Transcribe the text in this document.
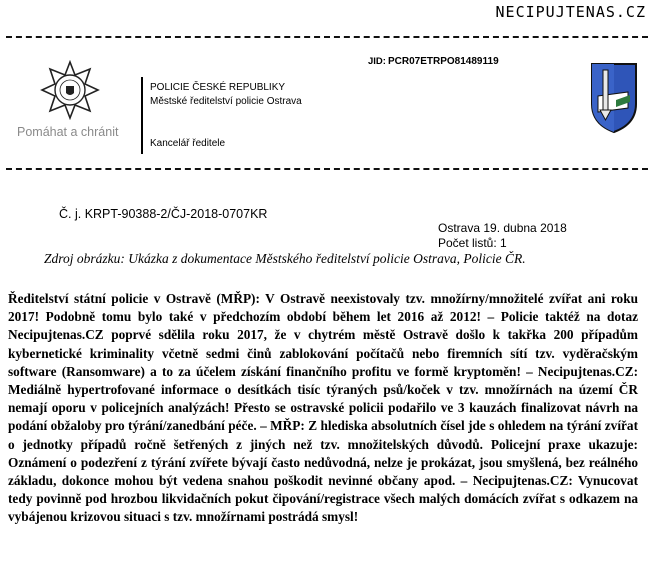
NECIPUJTENAS.CZ
Pomáhat a chránit
POLICIE ČESKÉ REPUBLIKY
Městské ředitelství policie Ostrava
Kancelář ředitele
JID: PCR07ETRPO81489119
Č. j. KRPT-90388-2/ČJ-2018-0707KR
Ostrava 19. dubna 2018
Počet listů: 1
Zdroj obrázku: Ukázka z dokumentace Městského ředitelství policie Ostrava, Policie ČR.

Ředitelství státní policie v Ostravě (MŘP): V Ostravě neexistovaly tzv. množírny/množitelé zvířat ani roku 2017! Podobně tomu bylo také v předchozím období během let 2016 až 2012! – Policie taktéž na dotaz Necipujtenas.CZ poprvé sdělila roku 2017, že v chytrém městě Ostravě došlo k takřka 200 případům kybernetické kriminality včetně sedmi činů zablokování počítačů nebo firemních sítí tzv. vyděračským software (Ransomware) a to za účelem získání finančního profitu ve formě kryptoměn! – Necipujtenas.CZ: Mediálně hypertrofované informace o desítkách tisíc týraných psů/koček v tzv. množírnách na území ČR nemají oporu v policejních analýzách! Přesto se ostravské policii podařilo ve 3 kauzách finalizovat návrh na podání obžaloby pro týrání/zanedbání péče. – MŘP: Z hlediska absolutních čísel jde s ohledem na týrání zvířat o jednotky případů ročně šetřených z jiných než tzv. množitelských důvodů. Policejní praxe ukazuje: Oznámení o podezření z týrání zvířete bývají často nedůvodná, nelze je prokázat, jsou smyšlená, bez reálného základu, dokonce mohou být vedena snahou poškodit nevinné občany apod. – Necipujtenas.CZ: Vynucovat tedy povinně pod hrozbou likvidačních pokut čipování/registrace všech malých domácích zvířat s odkazem na vybájenou krizovou situaci s tzv. množírnami postrádá smysl!
